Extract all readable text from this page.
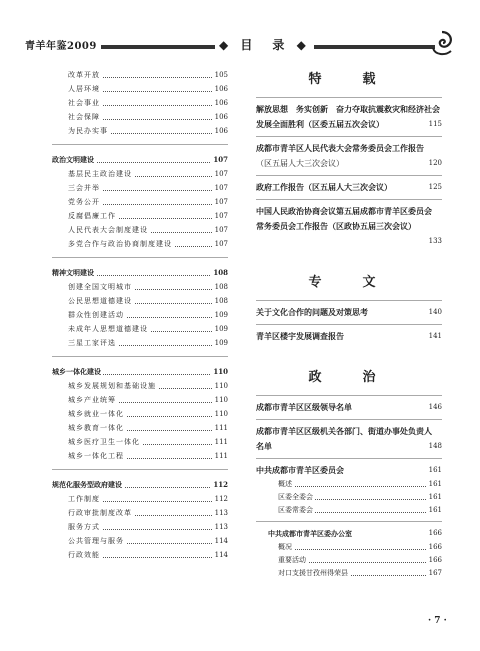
青羊年鉴2009	◆ 目　录 ◆
改革开放	105
人居环境	106
社会事业	106
社会保障	106
为民办实事	106
政治文明建设	107
基层民主政治建设	107
三会并举	107
党务公开	107
反腐倡廉工作	107
人民代表大会制度建设	107
多党合作与政治协商制度建设	107
精神文明建设	108
创建全国文明城市	108
公民思想道德建设	108
群众性创建活动	109
未成年人思想道德建设	109
三星工家评选	109
城乡一体化建设	110
城乡发展规划和基础设施	110
城乡产业统筹	110
城乡就业一体化	110
城乡教育一体化	111
城乡医疗卫生一体化	111
城乡一体化工程	111
规范化服务型政府建设	112
工作制度	112
行政审批制度改革	113
服务方式	113
公共管理与服务	114
行政效能	114
特　载
解放思想　务实创新　奋力夺取抗震救灾和经济社会
发展全面胜利（区委五届五次会议）	115
成都市青羊区人民代表大会常务委员会工作报告
（区五届人大三次会议）	120
政府工作报告（区五届人大三次会议）	125
中国人民政治协商会议第五届成都市青羊区委员会
常务委员会工作报告（区政协五届三次会议）
133
专　文
关于文化合作的问题及对策思考	140
青羊区楼宇发展调查报告	141
政　治
成都市青羊区区级领导名单	146
成都市青羊区区级机关各部门、街道办事处负责人
名单	148
中共成都市青羊区委员会	161
概述	161
区委全委会	161
区委常委会	161
中共成都市青羊区委办公室	166
概况	166
重要活动	166
对口支援甘孜州得荣县	167
· 7 ·
